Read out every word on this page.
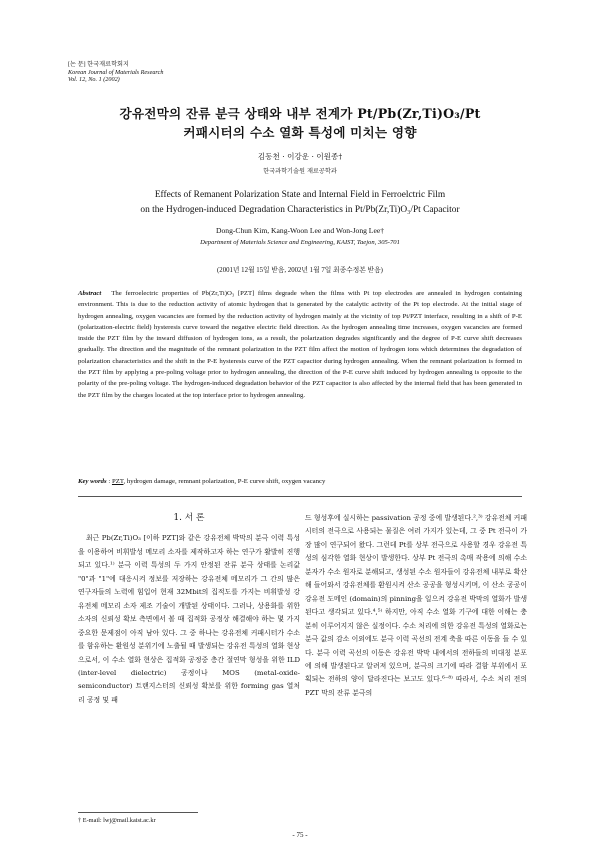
[논 문] 한국재료학회지
Korean Journal of Materials Research
Vol. 12, No. 1 (2002)
강유전막의 잔류 분극 상태와 내부 전계가 Pt/Pb(Zr,Ti)O₃/Pt
커패시터의 수소 열화 특성에 미치는 영향
김동천 · 이강운 · 이원종†
한국과학기술원 재료공학과
Effects of Remanent Polarization State and Internal Field in Ferroelctric Film
on the Hydrogen-induced Degradation Characteristics in Pt/Pb(Zr,Ti)O₃/Pt Capacitor
Dong-Chun Kim, Kang-Woon Lee and Won-Jong Lee†
Department of Materials Science and Engineering, KAIST, Taejon, 305-701
(2001년 12월 15일 받음, 2002년 1월 7일 최종수정본 받음)
Abstract The ferroelectric properties of Pb(Zr,Ti)O₃ [PZT] films degrade when the films with Pt top electrodes are annealed in hydrogen containing environment. This is due to the reduction activity of atomic hydrogen that is generated by the catalytic activity of the Pt top electrode. At the initial stage of hydrogen annealing, oxygen vacancies are formed by the reduction activity of hydrogen mainly at the vicinity of top Pt/PZT interface, resulting in a shift of P-E (polarization-electric field) hysteresis curve toward the negative electric field direction. As the hydrogen annealing time increases, oxygen vacancies are formed inside the PZT film by the inward diffusion of hydrogen ions, as a result, the polarization degrades significantly and the degree of P-E curve shift decreases gradually. The direction and the magnitude of the remnant polarization in the PZT film affect the motion of hydrogen ions which determines the degradation of polarization characteristics and the shift in the P-E hysteresis curve of the PZT capacitor during hydrogen annealing. When the remnant polarization is formed in the PZT film by applying a pre-poling voltage prior to hydrogen annealing, the direction of the P-E curve shift induced by hydrogen annealing is opposite to the polarity of the pre-poling voltage. The hydrogen-induced degradation behavior of the PZT capacitor is also affected by the internal field that has been generated in the PZT film by the charges located at the top interface prior to hydrogen annealing.
Key words : PZT, hydrogen damage, remnant polarization, P-E curve shift, oxygen vacancy
1. 서 론

최근 Pb(Zr,Ti)O₃ [이하 PZT]와 같은 강유전체 박막의 분극 이력 특성을 이용하여 비휘발성 메모리 소자를 제작하고자 하는 연구가 활발히 진행되고 있다.¹⁾ 분극 이력 특성의 두 가지 안정된 잔류 분극 상태를 논리값 "0"과 "1"에 대응시켜 정보를 저장하는 강유전체 메모리가 그 간의 많은 연구자들의 노력에 힘입어 현재 32Mbit의 집적도를 가지는 비휘발성 강유전체 메모리 소자 제조 기술이 개발된 상태이다. 그러나, 상용화를 위한 소자의 신뢰성 확보 측면에서 볼 때 집적화 공정상 해결해야 하는 몇 가지 중요한 문제점이 아직 남아 있다. 그 중 하나는 강유전체 커패시터가 수소를 함유하는 환원성 분위기에 노출될 때 발생되는 강유전 특성의 열화 현상으로서, 이 수소 열화 현상은 집적화 공정중 층간 절연막 형성을 위한 ILD (inter-level dielectric) 공정이나 MOS (metal-oxide-semiconductor) 트랜지스터의 신뢰성 확보를 위한 forming gas 열처리 공정 및 패

드 형성후에 실시하는 passivation 공정 중에 발생된다.²,³⁾ 강유전체 커패시터의 전극으로 사용되는 물질은 여러 가지가 있는데, 그 중 Pt 전극이 가장 많이 연구되어 왔다. 그런데 Pt를 상부 전극으로 사용할 경우 강유전 특성의 심각한 열화 현상이 발생한다. 상부 Pt 전극의 촉매 작용에 의해 수소 분자가 수소 원자로 분해되고, 생성된 수소 원자들이 강유전체 내부로 확산해 들어와서 강유전체를 환원시켜 산소 공공을 형성시키며, 이 산소 공공이 강유전 도메인 (domain)의 pinning을 일으켜 강유전 박막의 열화가 발생된다고 생각되고 있다.⁴,⁵⁾ 하지만, 아직 수소 열화 기구에 대한 이해는 충분히 이루어지지 않은 실정이다. 수소 처리에 의한 강유전 특성의 열화로는 분극 값의 감소 이외에도 분극 이력 곡선의 전계 축을 따른 이동을 들 수 있다. 분극 이력 곡선의 이동은 강유전 박막 내에서의 전하들의 비대칭 분포에 의해 발생된다고 알려져 있으며, 분극의 크기에 따라 결함 부위에서 포획되는 전하의 양이 달라진다는 보고도 있다.⁶⁻⁸⁾ 따라서, 수소 처리 전의 PZT 막의 잔류 분극의

† E-mail: lwj@mail.kaist.ac.kr
- 75 -
